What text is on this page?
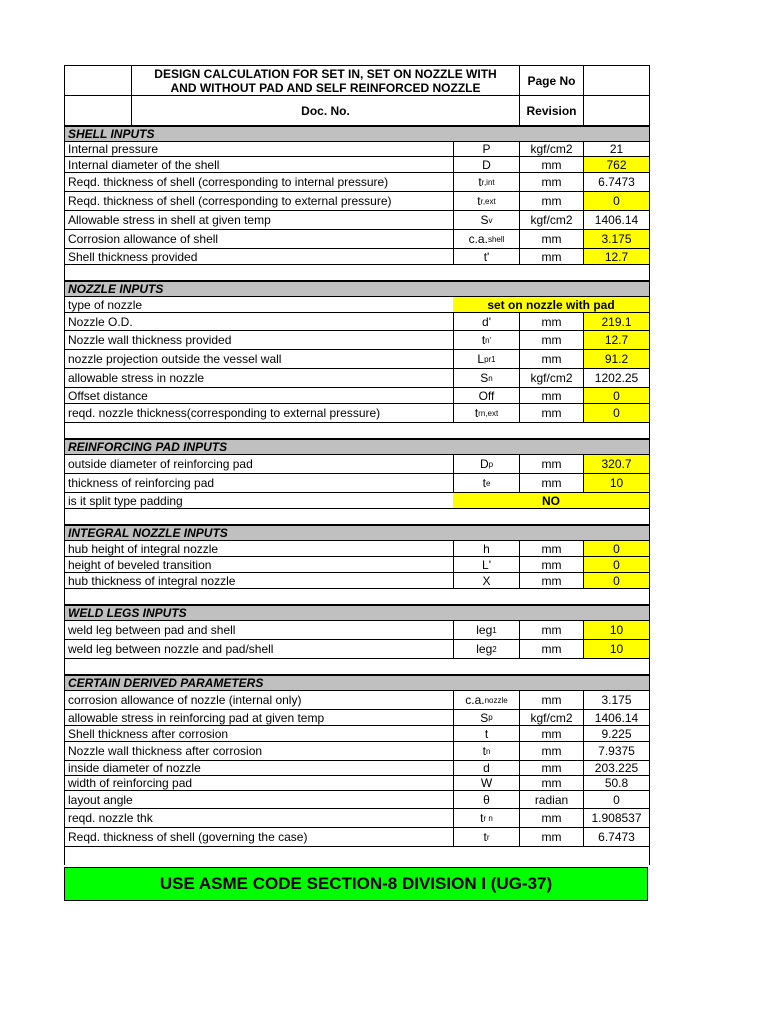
DESIGN CALCULATION FOR SET IN, SET ON NOZZLE WITH
AND WITHOUT PAD AND SELF REINFORCED NOZZLE	Page No
Doc. No.	Revision
SHELL INPUTS
Internal pressure	P	kgf/cm2	21
Internal diameter of the shell	D	mm	762
Reqd. thickness of shell (corresponding to internal pressure)	t r,int	mm	6.7473
Reqd. thickness of shell (corresponding to external pressure)	t r,ext	mm	0
Allowable stress in shell at given temp	S v	kgf/cm2	1406.14
Corrosion allowance of shell	c.a. shell	mm	3.175
Shell thickness provided	t'	mm	12.7
NOZZLE INPUTS
type of nozzle	set on nozzle with pad
Nozzle O.D.	d'	mm	219.1
Nozzle wall thickness provided	t n'	mm	12.7
nozzle projection outside the vessel wall	L pr1	mm	91.2
allowable stress in nozzle	S n	kgf/cm2	1202.25
Offset distance	Off	mm	0
reqd. nozzle thickness(corresponding to external pressure)	t rn,ext	mm	0
REINFORCING PAD INPUTS
outside diameter of reinforcing pad	D p	mm	320.7
thickness of reinforcing pad	t e	mm	10
is it split type padding	NO
INTEGRAL NOZZLE INPUTS
hub height of integral nozzle	h	mm	0
height of beveled transition	L'	mm	0
hub thickness of integral nozzle	X	mm	0
WELD LEGS INPUTS
weld leg between pad and shell	leg 1	mm	10
weld leg between nozzle and pad/shell	leg 2	mm	10
CERTAIN DERIVED PARAMETERS
corrosion allowance of nozzle (internal only)	c.a. nozzle	mm	3.175
allowable stress in reinforcing pad at given temp	S p	kgf/cm2	1406.14
Shell thickness after corrosion	t	mm	9.225
Nozzle wall thickness after corrosion	t n	mm	7.9375
inside diameter of nozzle	d	mm	203.225
width of reinforcing pad	W	mm	50.8
layout angle	θ	radian	0
reqd. nozzle thk	t r n	mm	1.908537
Reqd. thickness of shell (governing the case)	t r	mm	6.7473
USE ASME CODE SECTION-8 DIVISION I (UG-37)
